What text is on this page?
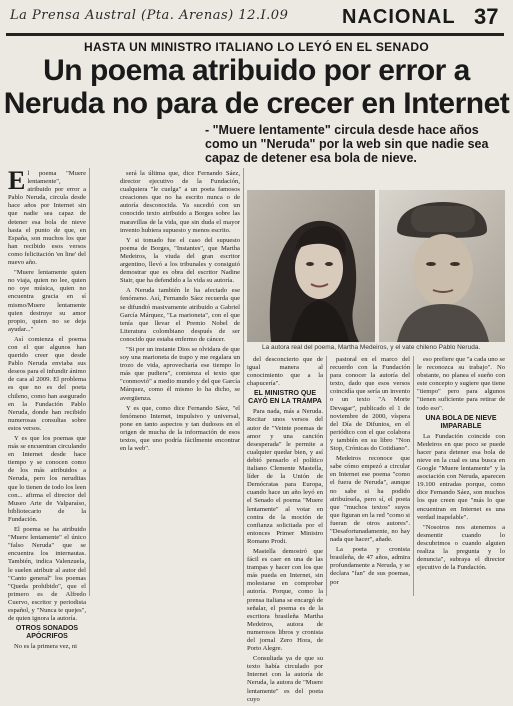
La Prensa Austral (Pta. Arenas) 12.I.09	NACIONAL 37
HASTA UN MINISTRO ITALIANO LO LEYÓ EN EL SENADO
Un poema atribuido por error a
Neruda no para de crecer en Internet
- "Muere lentamente" circula desde hace años como un "Neruda" por la web sin que nadie sea capaz de detener esa bola de nieve.

El poema "Muere lentamente", atribuido por error a Pablo Neruda, circula desde hace años por Internet sin que nadie sea capaz de detener esa bola de nieve hasta el punto de que, en España, son muchos los que han recibido esos versos como felicitación 'en line' del nuevo año.

"Muere lentamente quien no viaja, quien no lee, quien no oye música, quien no encuentra gracia en sí mismo/Muere lentamente quien destruye su amor propio, quien no se deja ayudar..."

Así comienza el poema con el que algunos han querido creer que desde Pablo Neruda enviaba sus deseos para el infundir ánimo de cara al 2009. El problema es que no es del poeta chileno, como han asegurado en la Fundación Pablo Neruda, donde han recibido numerosas consultas sobre estos versos.

Y es que los poemas que más se encuentran circulando en Internet desde hace tiempo y se conocen como de los más atribuidos a Neruda, pero los neruditas que lo tienen de todo los leen con... afirma el director del Museo Arte de Valparaíso, bibliotecario de la Fundación.

El poema se ha atribuido "Muere lentamente" el único "falso Neruda" que se encuentra los internautas. También, indica Valenzuela, le suelen atribuir al autor del "Canto general" los poemas "Queda prohibido", que el primero es de Alfredo Cuervo, escritor y periodista español, y "Nunca te quejes", de quien ignora la autoría.

OTROS SONADOS APÓCRIFOS

No es la primera vez, ni

será la última que, dice Fernando Sáez, director ejecutivo de la Fundación, cualquiera "le cuelga" a un poeta famosos creaciones que no ha escrito nunca o de autoría desconocida. Ya sucedió con un conocido texto atribuido a Borges sobre las maravillas de la vida, que sin duda el mayor invento hubiera supuesto y menos escrito.

Y si tomado fue el caso del supuesto poema de Borges, "Instantes", que Martha Medeiros, la viuda del gran escritor argentino, llevó a los tribunales y consiguió demostrar que es obra del escritor Nadine Stair, que ha defendido a la vida su autoría.

A Neruda también le ha afectado ese fenómeno. Así, Fernando Sáez recuerda que se difundió masivamente atribuido a Gabriel García Márquez, "La marioneta", con el que tenía que llevar el Premio Nobel de Literatura colombiano después de ser conocido que estaba enfermo de cáncer.

"Si por un instante Dios se olvidara de que soy una marioneta de trapo y me regalara un trozo de vida, aprovecharía ese tiempo lo más que pudiera", comienza el texto que "conmovió" a medio mundo y del que García Márquez, como él mismo lo ha dicho, se avergüenza.

Y es que, como dice Fernando Sáez, "el fenómeno Internet, impulsivo y universal, pone en tanto aspectos y tan dudosos en el origen de mucha de la información de esos textos, que uno podría fácilmente encontrar en la web".

La autora real del poema, Martha Medeiros, y el vate chileno Pablo Neruda.

del desconcierto que de igual manera al conocimiento que a la chapucería".

EL MINISTRO QUE CAYÓ EN LA TRAMPA

Para nada, más a Neruda. Recitar unos versos del autor de "Veinte poemas de amor y una canción desesperada" le permite a cualquier quedar bien, y así debió pensarlo el político italiano Clemente Mastella, líder de la Unión de Demócratas para Europa, cuando hace un año leyó en el Senado el poema "Muere lentamente" al votar en contra de la moción de confianza solicitada por el entonces Primer Ministro Romano Prodi.

Mastella demostró que fácil es caer en una de las trampas y hacer con los que más pueda en Internet, sin molestarse en comprobar autoría. Porque, como la prensa italiana se encargó de señalar, el poema es de la escritora brasileña Martha Medeiros, autora de numerosos libros y cronista del jornal Zero Hora, de Porto Alegre.

Consultada ya de que su texto había circulado por Internet con la autoría de Neruda, la autora de "Muere lentamente" es del poeta cuyo

pastoral en el marco del recuerdo con la Fundación para conocer la autoría del texto, dado que esos versos coincidía que sería un invento o un texto "A Morte Devagar", publicado el 1 de noviembre de 2000, víspera del Día de Difuntos, en el periódico con el que colabora y también en su libro "Non Stop, Crónicas do Cotidiano".

Medeiros reconoce que sabe cómo empezó a circular en Internet ese poema "como el fuera de Neruda", aunque no sabe si ha podido atribuírsela, pero sí, el poeta que "muchos textos" suyos que figuran en la red "como si fueran de otros autores". "Desafortunadamente, no hay nada que hacer", añade.

La poeta y cronista brasileña, de 47 años, admira profundamente a Neruda, y se declara "fan" de sus poemas, por

eso prefiere que "a cada uno se le reconozca su trabajo". No obstante, no planea el sueño con este concepto y sugiere que tiene "tiempo" pero para algunos "tienen suficiente para retirar de todo eso".

UNA BOLA DE NIEVE IMPARABLE

La Fundación coincide con Medeiros en que poco se puede hacer para detener esa bola de nieve en la cual es una busca en Google "Muere lentamente" y la asociación con Neruda, aparecen 19.100 entradas porque, como dice Fernando Sáez, son muchos los que creen que "más lo que encuentran en Internet es una verdad inapelable".

"Nosotros nos atenemos a desmentir cuando lo descubrimos o cuando alguien realiza la pregunta y lo denuncia", subraya el director ejecutivo de la Fundación.
